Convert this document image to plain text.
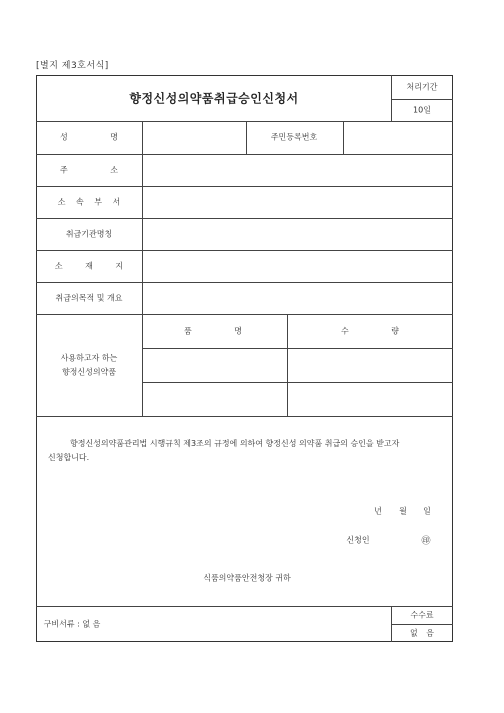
[별지 제3호서식]
향정신성의약품취급승인신청서
처리기간
10일
성 명	주민등록번호
주 소
소 속 부 서
취급기관명칭
소 재 지
취급의목적 및 개요
사용하고자 하는
향정신성의약품
품 명	수 량
향정신성의약품관리법 시행규칙 제3조의 규정에 의하여 향정신성 의약품 취급의 승인을 받고자
신청합니다.
년 월 일
신청인	㊞
식품의약품안전청장 귀하
구비서류 : 없 음
수수료
없 음
